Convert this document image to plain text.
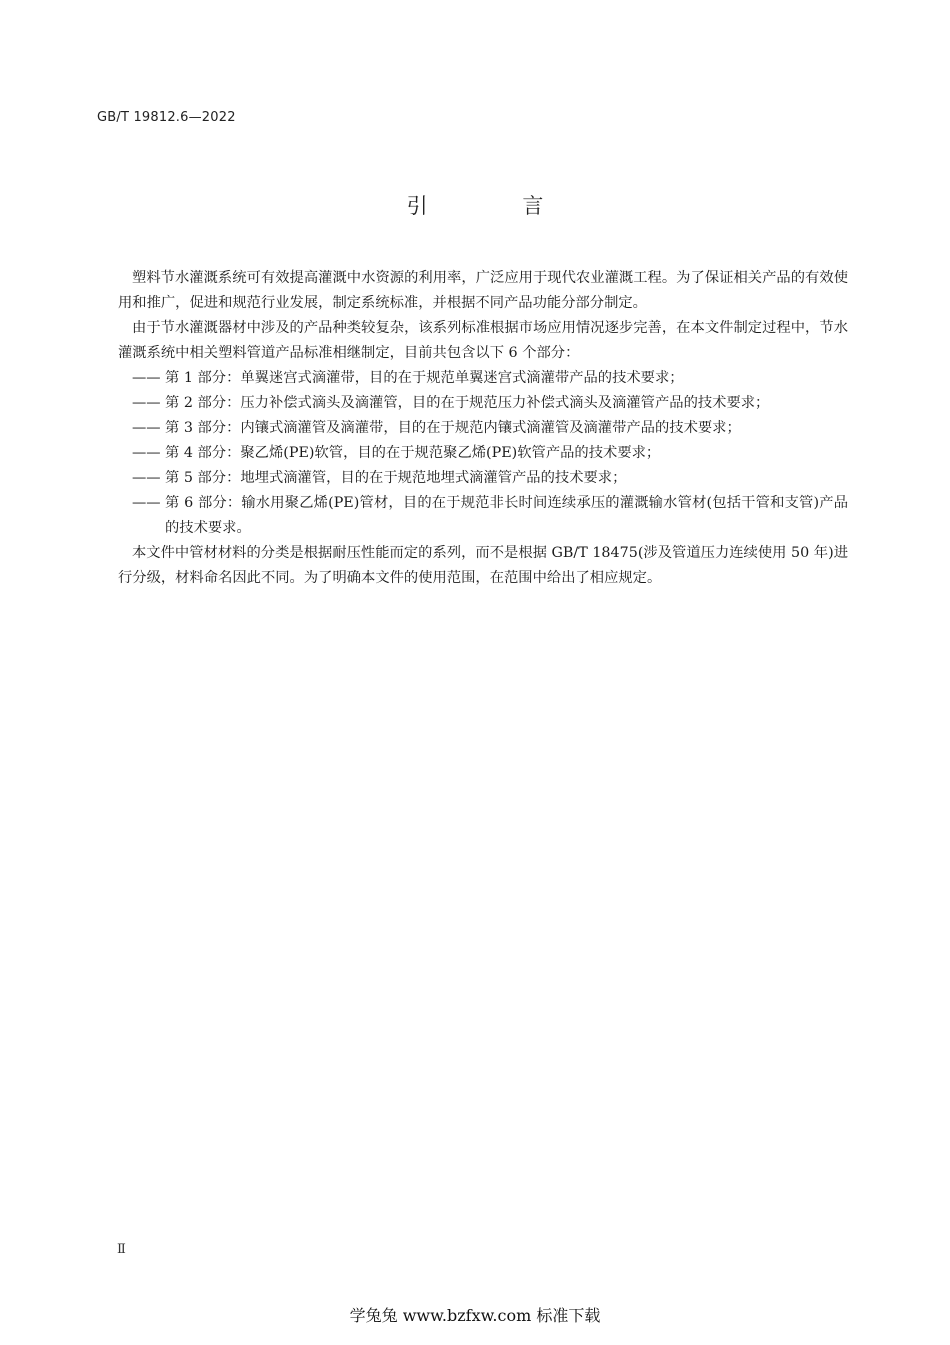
GB/T 19812.6—2022
引 言

塑料节水灌溉系统可有效提高灌溉中水资源的利用率，广泛应用于现代农业灌溉工程。为了保证相关产品的有效使用和推广，促进和规范行业发展，制定系统标准，并根据不同产品功能分部分制定。

由于节水灌溉器材中涉及的产品种类较复杂，该系列标准根据市场应用情况逐步完善，在本文件制定过程中，节水灌溉系统中相关塑料管道产品标准相继制定，目前共包含以下 6 个部分：

—— 第 1 部分：单翼迷宫式滴灌带，目的在于规范单翼迷宫式滴灌带产品的技术要求；
—— 第 2 部分：压力补偿式滴头及滴灌管，目的在于规范压力补偿式滴头及滴灌管产品的技术要求；
—— 第 3 部分：内镶式滴灌管及滴灌带，目的在于规范内镶式滴灌管及滴灌带产品的技术要求；
—— 第 4 部分：聚乙烯(PE)软管，目的在于规范聚乙烯(PE)软管产品的技术要求；
—— 第 5 部分：地埋式滴灌管，目的在于规范地埋式滴灌管产品的技术要求；
—— 第 6 部分：输水用聚乙烯(PE)管材，目的在于规范非长时间连续承压的灌溉输水管材(包括干管和支管)产品的技术要求。

本文件中管材材料的分类是根据耐压性能而定的系列，而不是根据 GB/T 18475(涉及管道压力连续使用 50 年)进行分级，材料命名因此不同。为了明确本文件的使用范围，在范围中给出了相应规定。

Ⅱ
学兔兔 www.bzfxw.com 标准下载
